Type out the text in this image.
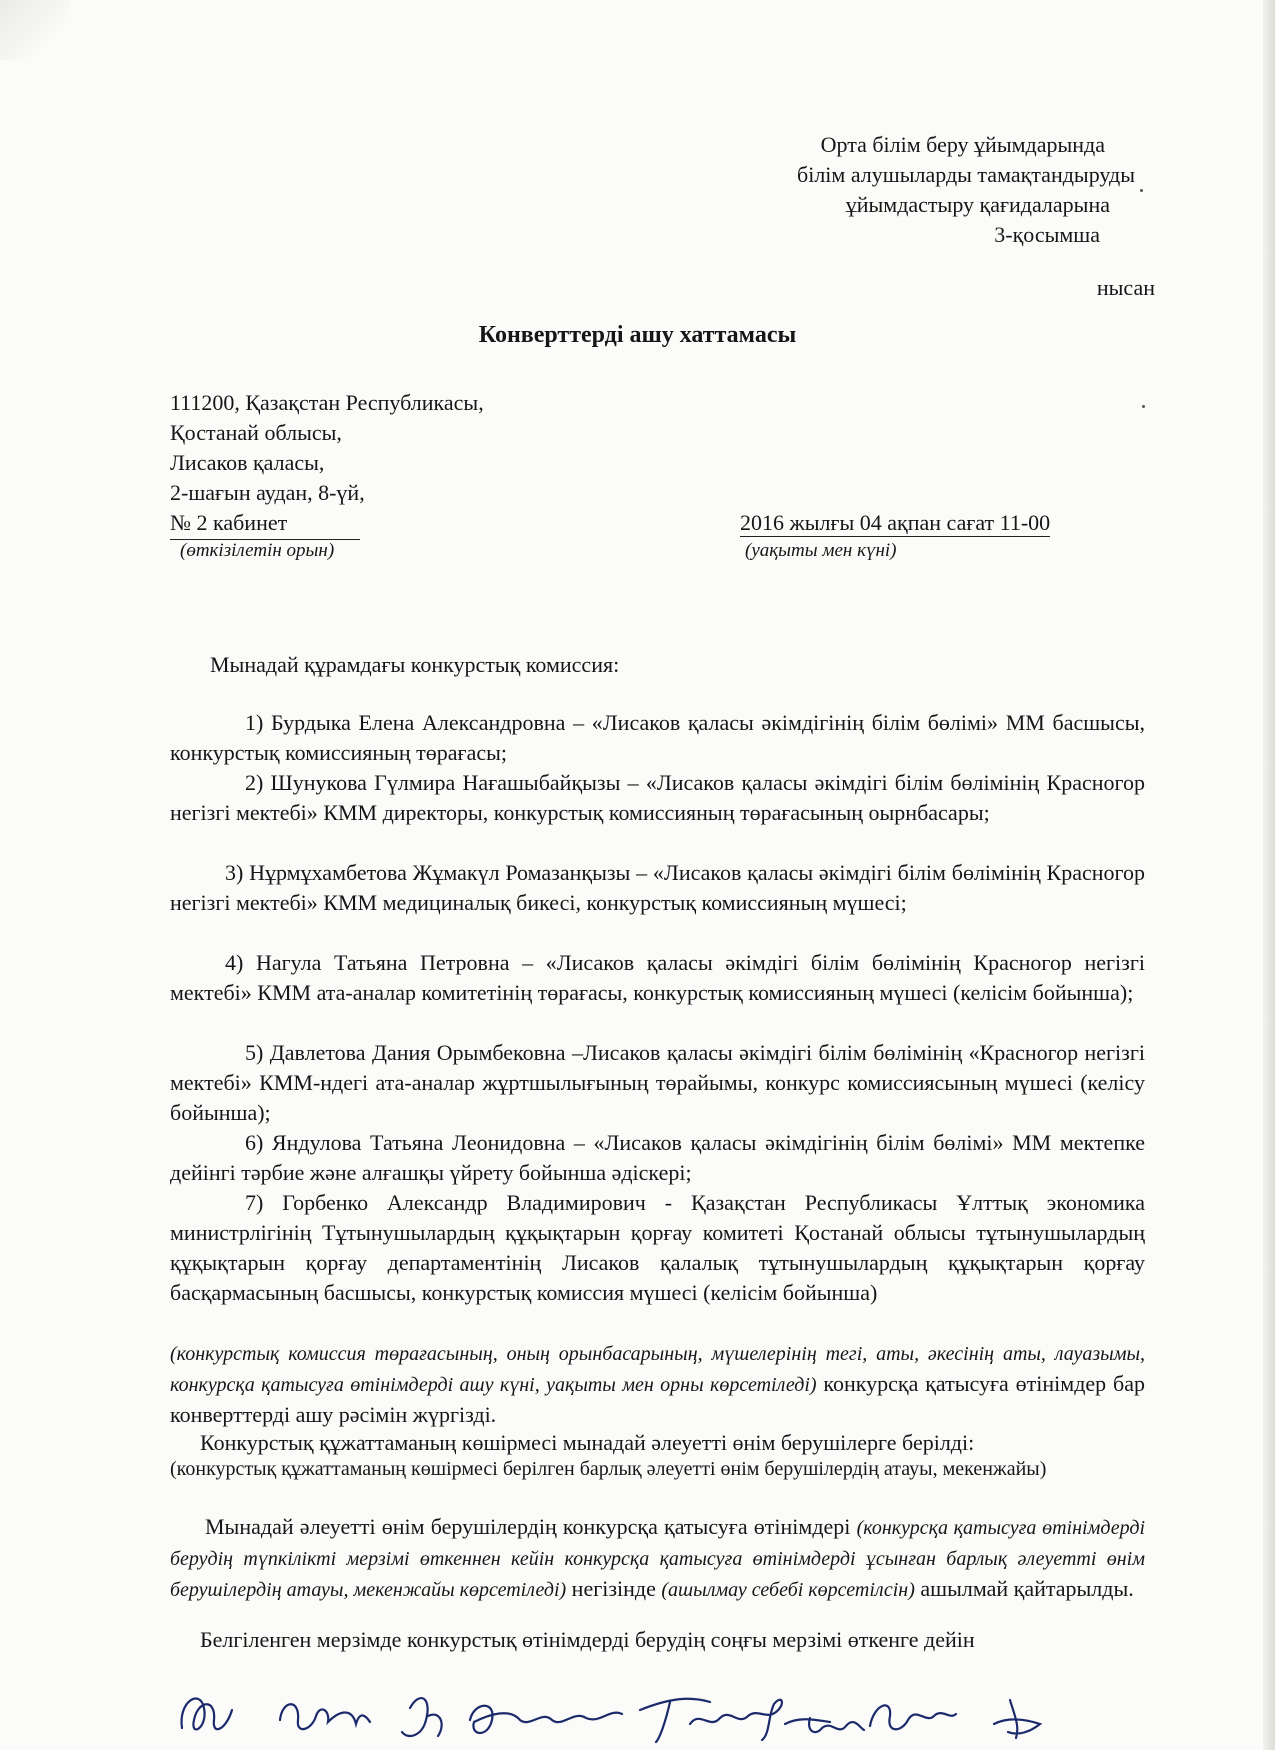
Орта білім беру ұйымдарында
білім алушыларды тамақтандыруды
ұйымдастыру қағидаларына
3-қосымша
нысан
Конверттерді ашу хаттамасы
111200, Қазақстан Республикасы,
Қостанай облысы,
Лисаков қаласы,
2-шағын аудан, 8-үй,
№ 2 кабинет
(өткізілетін орын)
2016 жылғы 04 ақпан сағат 11-00
(уақыты мен күні)
Мынадай құрамдағы конкурстық комиссия:
1) Бурдыка Елена Александровна – «Лисаков қаласы әкімдігінің білім бөлімі» ММ басшысы, конкурстық комиссияның төрағасы;
2) Шунукова Гүлмира Нағашыбайқызы – «Лисаков қаласы әкімдігі білім бөлімінің Красногор негізгі мектебі» КММ директоры, конкурстық комиссияның төрағасының оырнбасары;
3) Нұрмұхамбетова Жұмакүл Ромазанқызы – «Лисаков қаласы әкімдігі білім бөлімінің Красногор негізгі мектебі» КММ медициналық бикесі, конкурстық комиссияның мүшесі;
4) Нагула Татьяна Петровна – «Лисаков қаласы әкімдігі білім бөлімінің Красногор негізгі мектебі» КММ ата-аналар комитетінің төрағасы, конкурстық комиссияның мүшесі (келісім бойынша);
5) Давлетова Дания Орымбековна –Лисаков қаласы әкімдігі білім бөлімінің «Красногор негізгі мектебі» КММ-ндегі ата-аналар жұртшылығының төрайымы, конкурс комиссиясының мүшесі (келісу бойынша);
6) Яндулова Татьяна Леонидовна – «Лисаков қаласы әкімдігінің білім бөлімі» ММ мектепке дейінгі тәрбие және алғашқы үйрету бойынша әдіскері;
7) Горбенко Александр Владимирович - Қазақстан Республикасы Ұлттық экономика министрлігінің Тұтынушылардың құқықтарын қорғау комитеті Қостанай облысы тұтынушылардың құқықтарын қорғау департаментінің Лисаков қалалық тұтынушылардың құқықтарын қорғау басқармасының басшысы, конкурстық комиссия мүшесі (келісім бойынша)
(конкурстық комиссия төрағасының, оның орынбасарының, мүшелерінің тегі, аты, әкесінің аты, лауазымы, конкурсқа қатысуға өтінімдерді ашу күні, уақыты мен орны көрсетіледі) конкурсқа қатысуға өтінімдер бар конверттерді ашу рәсімін жүргізді.
Конкурстық құжаттаманың көшірмесі мынадай әлеуетті өнім берушілерге берілді:
(конкурстық құжаттаманың көшірмесі берілген барлық әлеуетті өнім берушілердің атауы, мекенжайы)
Мынадай әлеуетті өнім берушілердің конкурсқа қатысуға өтінімдері (конкурсқа қатысуға өтінімдерді берудің түпкілікті мерзімі өткеннен кейін конкурсқа қатысуға өтінімдерді ұсынған барлық әлеуетті өнім берушілердің атауы, мекенжайы көрсетіледі) негізінде (ашылмау себебі көрсетілсін) ашылмай қайтарылды.
Белгіленген мерзімде конкурстық өтінімдерді берудің соңғы мерзімі өткенге дейін
